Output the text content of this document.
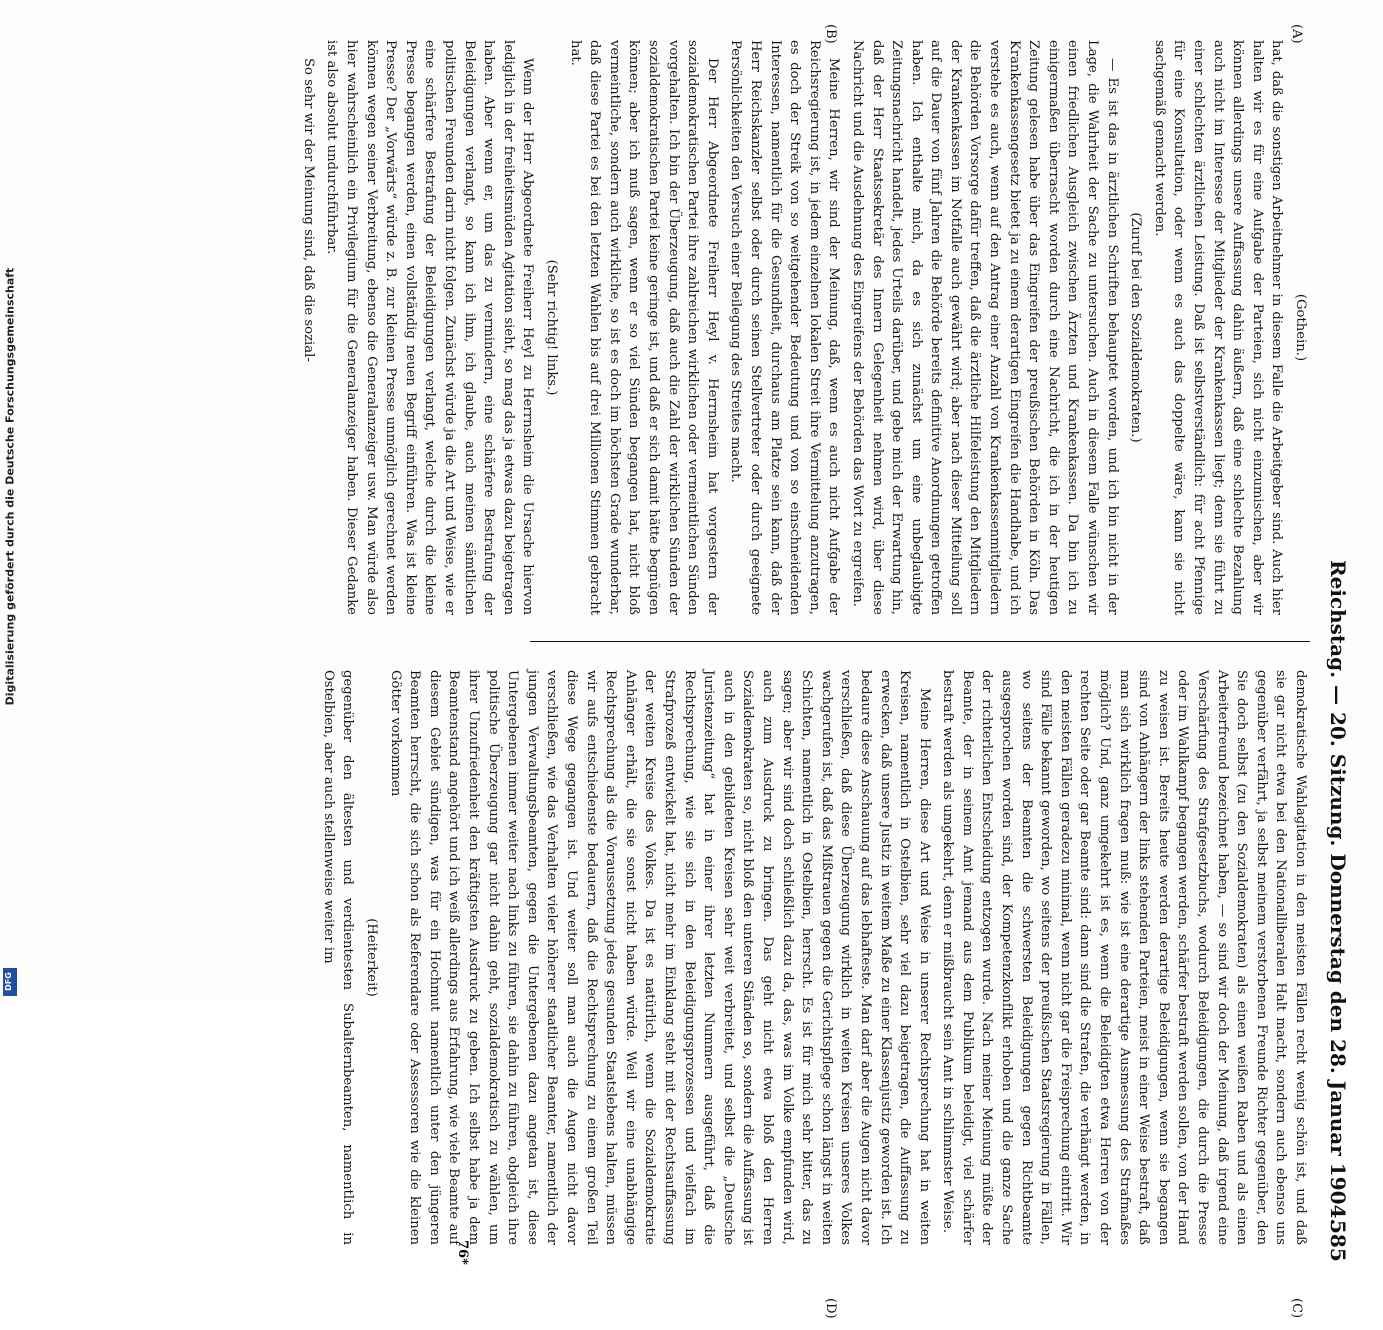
Digitalisierung gefördert durch die Deutsche Forschungsgemeinschaft
DFG	Reichstag. — 20. Sitzung. Donnerstag den 28. Januar 1904.
585
(A)
(B)
(C)
(D)

(Gothein.)

hat, daß die sonstigen Arbeitnehmer in diesem Falle die Arbeitgeber sind. Auch hier halten wir es für eine Aufgabe der Parteien, sich nicht einzumischen, aber wir können allerdings unsere Auffassung dahin äußern, daß eine schlechte Bezahlung auch nicht im Interesse der Mitglieder der Krankenkassen liegt; denn sie führt zu einer schlechten ärztlichen Leistung. Daß ist selbstverständlich: für acht Pfennige für eine Konsultation, oder wenn es auch das doppelte wäre, kann sie nicht sachgemäß gemacht werden.

(Zuruf bei den Sozialdemokraten.)

— Es ist das in ärztlichen Schriften behauptet worden, und ich bin nicht in der Lage, die Wahrheit der Sache zu untersuchen. Auch in diesem Falle wünschen wir einen friedlichen Ausgleich zwischen Ärzten und Krankenkassen. Da bin ich zu einigermaßen überrascht worden durch eine Nachricht, die ich in der heutigen Zeitung gelesen habe über das Eingreifen der preußischen Behörden in Köln. Das Krankenkassengesetz bietet ja zu einem derartigen Eingreifen die Handhabe, und ich verstehe es auch, wenn auf den Antrag einer Anzahl von Krankenkassenmitgliedern die Behörden Vorsorge dafür treffen, daß die ärztliche Hilfeleistung den Mitgliedern der Krankenkassen im Notfalle auch gewährt wird; aber nach dieser Mitteilung soll auf die Dauer von fünf Jahren die Behörde bereits definitive Anordnungen getroffen haben. Ich enthalte mich, da es sich zunächst um eine unbeglaubigte Zeitungsnachricht handelt, jedes Urteils darüber, und gebe mich der Erwartung hin, daß der Herr Staatssekretär des Innern Gelegenheit nehmen wird, über diese Nachricht und die Ausdehnung des Eingreifens der Behörden das Wort zu ergreifen.

Meine Herren, wir sind der Meinung, daß, wenn es auch nicht Aufgabe der Reichsregierung ist, in jedem einzelnen lokalen Streit ihre Vermittelung anzutragen, es doch der Streik von so weitgehender Bedeutung und von so einschneidenden Interessen, namentlich für die Gesundheit, durchaus am Platze sein kann, daß der Herr Reichskanzler selbst oder durch seinen Stellvertreter oder durch geeignete Persönlichkeiten den Versuch einer Beilegung des Streites macht.

Der Herr Abgeordnete Freiherr Heyl v. Herrnsheim hat vorgestern der sozialdemokratischen Partei ihre zahlreichen wirklichen oder vermeintlichen Sünden vorgehalten. Ich bin der Überzeugung, daß auch die Zahl der wirklichen Sünden der sozialdemokratischen Partei keine geringe ist, und daß er sich damit hätte begnügen können; aber ich muß sagen, wenn er so viel Sünden begangen hat, nicht bloß vermeintliche, sondern auch wirkliche, so ist es doch im höchsten Grade wunderbar, daß diese Partei es bei den letzten Wahlen bis auf drei Millionen Stimmen gebracht hat.

(Sehr richtig! links.)

Wenn der Herr Abgeordnete Freiherr Heyl zu Herrnsheim die Ursache hiervon lediglich in der freiheitsmüden Agitation sieht, so mag das ja etwas dazu beigetragen haben. Aber wenn er, um das zu vermindern, eine schärfere Bestrafung der Beleidigungen verlangt, so kann ich ihm, ich glaube, auch meinen sämtlichen politischen Freunden darin nicht folgen. Zunächst würde ja die Art und Weise, wie er eine schärfere Bestrafung der Beleidigungen verlangt, welche durch die kleine Presse begangen werden, einen vollständig neuen Begriff einführen. Was ist kleine Presse? Der „Vorwärts“ würde z. B. zur kleinen Presse unmöglich gerechnet werden können wegen seiner Verbreitung, ebenso die Generalanzeiger usw. Man würde also hier wahrscheinlich ein Privilegium für die Generalanzeiger haben. Dieser Gedanke ist also absolut undurchführbar.

So sehr wir der Meinung sind, daß die sozial-

demokratische Wahlagitation in den meisten Fällen recht wenig schön ist, und daß sie gar nicht etwa bei den Nationalliberalen Halt macht, sondern auch ebenso uns gegenüber verfährt, ja selbst meinem verstorbenen Freunde Richter gegenüber, den Sie doch selbst (zu den Sozialdemokraten) als einen weißen Raben und als einen Arbeiterfreund bezeichnet haben, — so sind wir doch der Meinung, daß irgend eine Verschärfung des Strafgesetzbuchs, wodurch Beleidigungen, die durch die Presse oder im Wahlkampf begangen werden, schärfer bestraft werden sollen, von der Hand zu weisen ist. Bereits heute werden derartige Beleidigungen, wenn sie begangen sind von Anhängern der links stehenden Parteien, meist in einer Weise bestraft, daß man sich wirklich fragen muß: wie ist eine derartige Ausmessung des Strafmaßes möglich? Und, ganz umgekehrt ist es, wenn die Beleidigten etwa Herren von der rechten Seite oder gar Beamte sind: dann sind die Strafen, die verhängt werden, in den meisten Fällen geradezu minimal, wenn nicht gar die Freisprechung eintritt. Wir sind Fälle bekannt geworden, wo seitens der preußischen Staatsregierung in Fällen, wo seitens der Beamten die schwersten Beleidigungen gegen Richtbeamte ausgesprochen worden sind, der Kompetenzkonflikt erhoben und die ganze Sache der richterlichen Entscheidung entzogen wurde. Nach meiner Meinung müßte der Beamte, der in seinem Amt jemand aus dem Publikum beleidigt, viel schärfer bestraft werden als umgekehrt, denn er mißbraucht sein Amt in schlimmster Weise.

Meine Herren, diese Art und Weise in unserer Rechtsprechung hat in weiten Kreisen, namentlich in Ostelbien, sehr viel dazu beigetragen, die Auffassung zu erwecken, daß unsere Justiz in weitem Maße zu einer Klassenjustiz geworden ist. Ich bedaure diese Anschauung auf das lebhafteste. Man darf aber die Augen nicht davor verschließen, daß diese Überzeugung wirklich in weiten Kreisen unseres Volkes wachgerufen ist, daß das Mißtrauen gegen die Gerichtspflege schon längst in weiten Schichten, namentlich in Ostelbien, herrscht. Es ist für mich sehr bitter, das zu sagen; aber wir sind doch schließlich dazu da, das, was im Volke empfunden wird, auch zum Ausdruck zu bringen. Das geht nicht etwa bloß den Herren Sozialdemokraten so, nicht bloß den unteren Ständen so, sondern die Auffassung ist auch in den gebildeten Kreisen sehr weit verbreitet, und selbst die „Deutsche Juristenzeitung“ hat in einer ihrer letzten Nummern ausgeführt, daß die Rechtsprechung, wie sie sich in den Beleidigungsprozessen und vielfach im Strafprozeß entwickelt hat, nicht mehr im Einklang steht mit der Rechtsauffassung der weiten Kreise des Volkes. Da ist es natürlich, wenn die Sozialdemokratie Anhänger erhält, die sie sonst nicht haben würde. Weil wir eine unabhängige Rechtsprechung als die Voraussetzung jedes gesunden Staatslebens halten, müssen wir aufs entschiedenste bedauern, daß die Rechtsprechung zu einem großen Teil diese Wege gegangen ist. Und weiter soll man auch die Augen nicht davor verschließen, wie das Verhalten vieler höherer staatlicher Beamter, namentlich der jungen Verwaltungsbeamten, gegen die Untergebenen dazu angetan ist, diese Untergebenen immer weiter nach links zu führen, sie dahin zu führen, obgleich ihre politische Überzeugung gar nicht dahin geht, sozialdemokratisch zu wählen, um ihrer Unzufriedenheit den kräftigsten Ausdruck zu geben. Ich selbst habe ja dem Beamtenstand angehört und ich weiß allerdings aus Erfahrung, wie viele Beamte auf diesem Gebiet sündigen, was für ein Hochmut namentlich unter den jüngeren Beamten herrscht, die sich schon als Referendare oder Assessoren wie die kleinen Götter vorkommen

(Heiterkeit)

gegenüber den ältesten und verdientesten Subalternbeamten, namentlich in Ostelbien, aber auch stellenweise weiter im

76*
